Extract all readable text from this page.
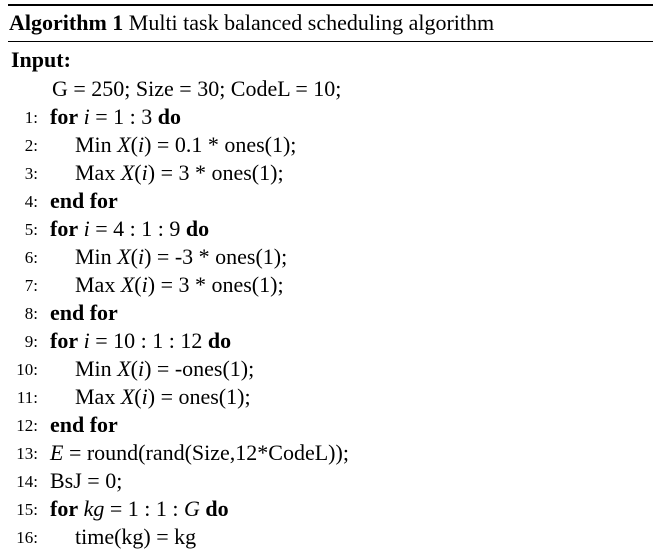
Algorithm 1 Multi task balanced scheduling algorithm
Input:
G = 250; Size = 30; CodeL = 10;
1: for i = 1 : 3 do
2: Min X(i) = 0.1 * ones(1);
3: Max X(i) = 3 * ones(1);
4: end for
5: for i = 4 : 1 : 9 do
6: Min X(i) = -3 * ones(1);
7: Max X(i) = 3 * ones(1);
8: end for
9: for i = 10 : 1 : 12 do
10: Min X(i) = -ones(1);
11: Max X(i) = ones(1);
12: end for
13: E = round(rand(Size,12*CodeL));
14: BsJ = 0;
15: for kg = 1 : 1 : G do
16: time(kg) = kg
